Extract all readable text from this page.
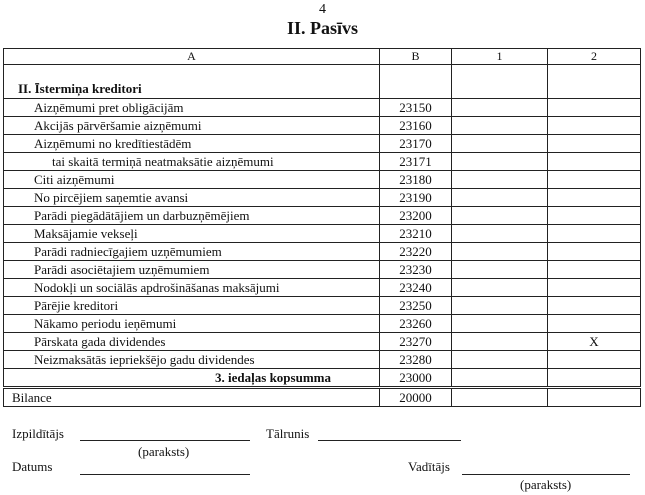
4
II. Pasīvs
A	B	1	2
II. Īstermiņa kreditori			
Aizņēmumi pret obligācijām	23150		
Akcijās pārvēršamie aizņēmumi	23160		
Aizņēmumi no kredītiestādēm	23170		
tai skaitā termiņā neatmaksātie aizņēmumi	23171		
Citi aizņēmumi	23180		
No pircējiem saņemtie avansi	23190		
Parādi piegādātājiem un darbuzņēmējiem	23200		
Maksājamie vekseļi	23210		
Parādi radniecīgajiem uzņēmumiem	23220		
Parādi asociētajiem uzņēmumiem	23230		
Nodokļi un sociālās apdrošināšanas maksājumi	23240		
Pārējie kreditori	23250		
Nākamo periodu ieņēmumi	23260		
Pārskata gada dividendes	23270		X
Neizmaksātās iepriekšējo gadu dividendes	23280		
3. iedaļas kopsumma	23000		
Bilance	20000		
Izpildītājs
(paraksts)
Tālrunis
Datums	Vadītājs
(paraksts)
